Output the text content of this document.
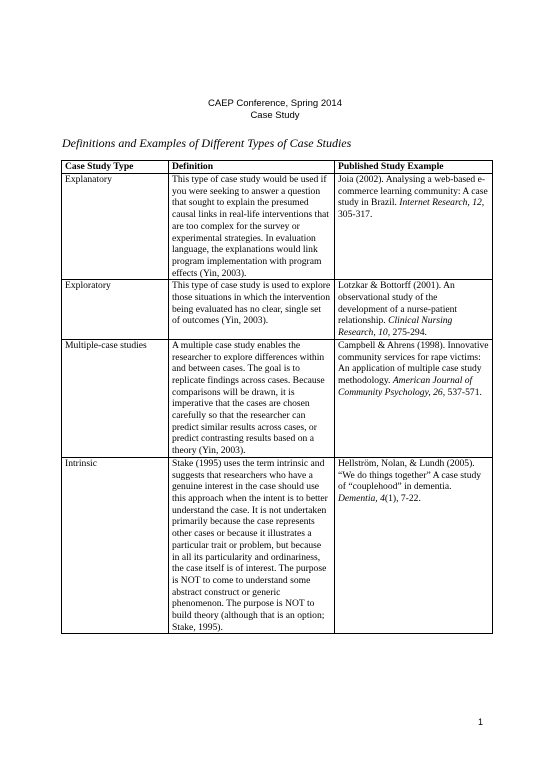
CAEP Conference, Spring 2014
Case Study
Definitions and Examples of Different Types of Case Studies
Case Study Type	Definition	Published Study Example
Explanatory	This type of case study would be used if you were seeking to answer a question that sought to explain the presumed causal links in real-life interventions that are too complex for the survey or experimental strategies. In evaluation language, the explanations would link program implementation with program effects (Yin, 2003).	Joia (2002). Analysing a web-based e-commerce learning community: A case study in Brazil. Internet Research, 12, 305-317.
Exploratory	This type of case study is used to explore those situations in which the intervention being evaluated has no clear, single set of outcomes (Yin, 2003).	Lotzkar & Bottorff (2001). An observational study of the development of a nurse-patient relationship. Clinical Nursing Research, 10, 275-294.
Multiple-case studies	A multiple case study enables the researcher to explore differences within and between cases. The goal is to replicate findings across cases. Because comparisons will be drawn, it is imperative that the cases are chosen carefully so that the researcher can predict similar results across cases, or predict contrasting results based on a theory (Yin, 2003).	Campbell & Ahrens (1998). Innovative community services for rape victims: An application of multiple case study methodology. American Journal of Community Psychology, 26, 537-571.
Intrinsic	Stake (1995) uses the term intrinsic and suggests that researchers who have a genuine interest in the case should use this approach when the intent is to better understand the case. It is not undertaken primarily because the case represents other cases or because it illustrates a particular trait or problem, but because in all its particularity and ordinariness, the case itself is of interest. The purpose is NOT to come to understand some abstract construct or generic phenomenon. The purpose is NOT to build theory (although that is an option; Stake, 1995).	Hellström, Nolan, & Lundh (2005). “We do things together” A case study of “couplehood” in dementia. Dementia, 4(1), 7-22.
1
